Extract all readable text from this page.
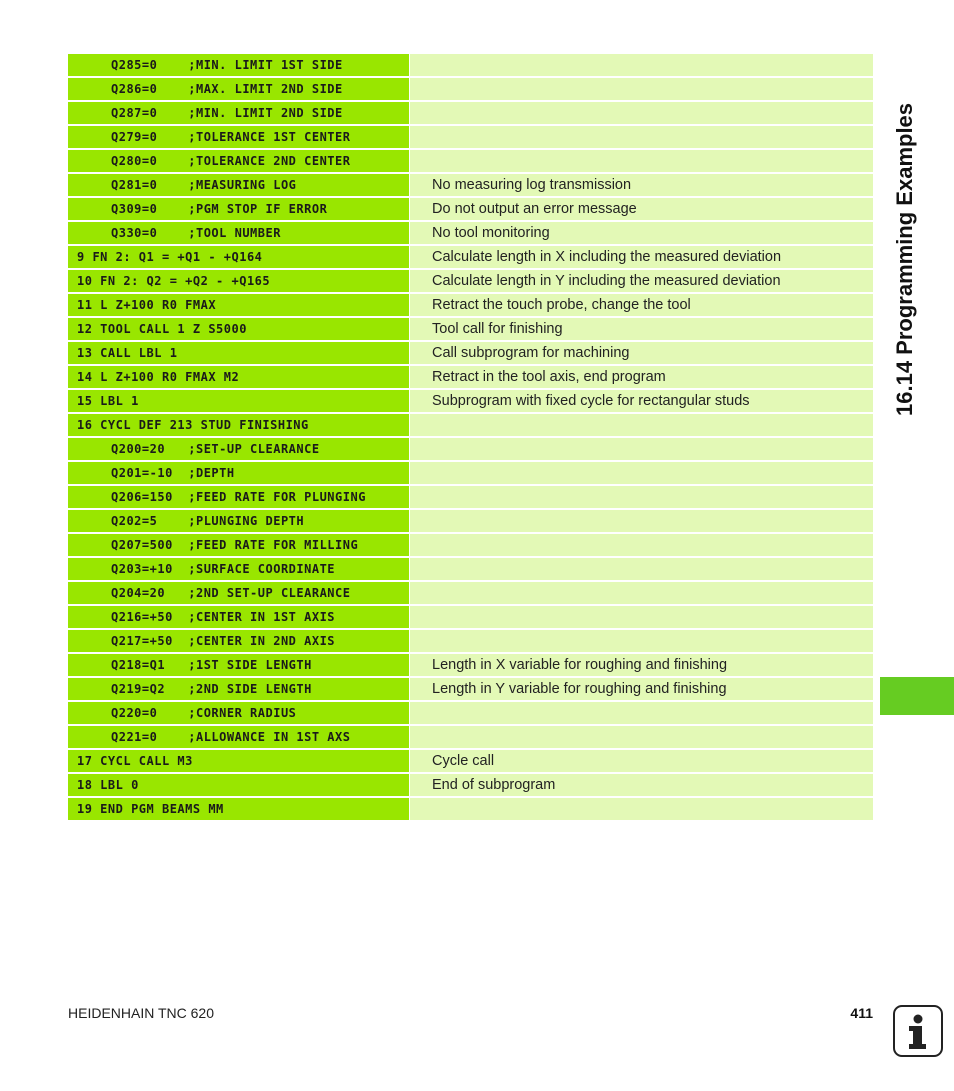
Q285=0    ;MIN. LIMIT 1ST SIDE
Q286=0    ;MAX. LIMIT 2ND SIDE
Q287=0    ;MIN. LIMIT 2ND SIDE
Q279=0    ;TOLERANCE 1ST CENTER
Q280=0    ;TOLERANCE 2ND CENTER
Q281=0    ;MEASURING LOG	No measuring log transmission
Q309=0    ;PGM STOP IF ERROR	Do not output an error message
Q330=0    ;TOOL NUMBER	No tool monitoring
9 FN 2: Q1 = +Q1 - +Q164	Calculate length in X including the measured deviation
10 FN 2: Q2 = +Q2 - +Q165	Calculate length in Y including the measured deviation
11 L Z+100 R0 FMAX	Retract the touch probe, change the tool
12 TOOL CALL 1 Z S5000	Tool call for finishing
13 CALL LBL 1	Call subprogram for machining
14 L Z+100 R0 FMAX M2	Retract in the tool axis, end program
15 LBL 1	Subprogram with fixed cycle for rectangular studs
16 CYCL DEF 213 STUD FINISHING
Q200=20   ;SET-UP CLEARANCE
Q201=-10  ;DEPTH
Q206=150  ;FEED RATE FOR PLUNGING
Q202=5    ;PLUNGING DEPTH
Q207=500  ;FEED RATE FOR MILLING
Q203=+10  ;SURFACE COORDINATE
Q204=20   ;2ND SET-UP CLEARANCE
Q216=+50  ;CENTER IN 1ST AXIS
Q217=+50  ;CENTER IN 2ND AXIS
Q218=Q1   ;1ST SIDE LENGTH	Length in X variable for roughing and finishing
Q219=Q2   ;2ND SIDE LENGTH	Length in Y variable for roughing and finishing
Q220=0    ;CORNER RADIUS
Q221=0    ;ALLOWANCE IN 1ST AXS
17 CYCL CALL M3	Cycle call
18 LBL 0	End of subprogram
19 END PGM BEAMS MM
16.14 Programming Examples
HEIDENHAIN TNC 620	411
